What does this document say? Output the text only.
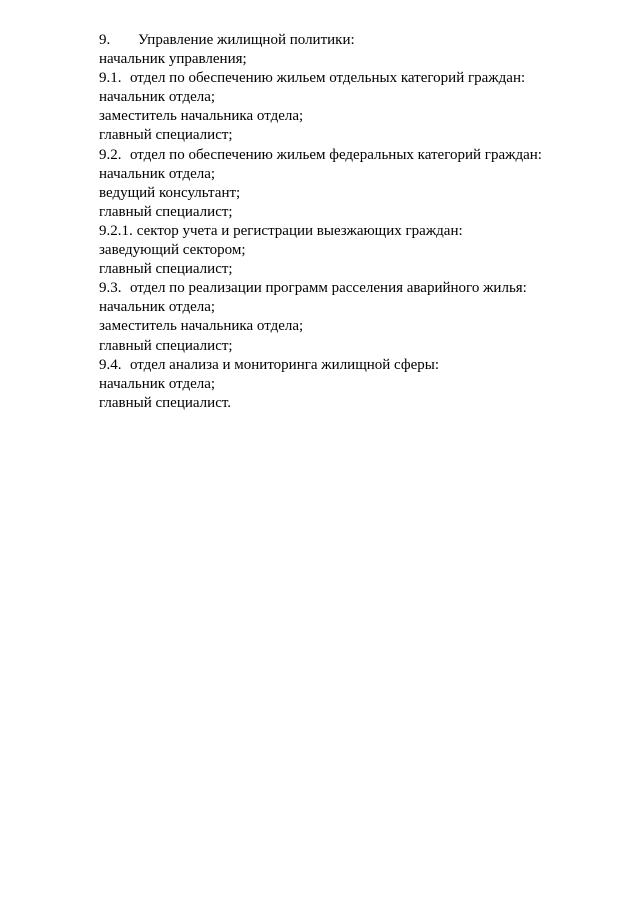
9. Управление жилищной политики:
начальник управления;
9.1. отдел по обеспечению жильем отдельных категорий граждан:
начальник отдела;
заместитель начальника отдела;
главный специалист;
9.2. отдел по обеспечению жильем федеральных категорий граждан:
начальник отдела;
ведущий консультант;
главный специалист;
9.2.1. сектор учета и регистрации выезжающих граждан:
заведующий сектором;
главный специалист;
9.3. отдел по реализации программ расселения аварийного жилья:
начальник отдела;
заместитель начальника отдела;
главный специалист;
9.4. отдел анализа и мониторинга жилищной сферы:
начальник отдела;
главный специалист.
